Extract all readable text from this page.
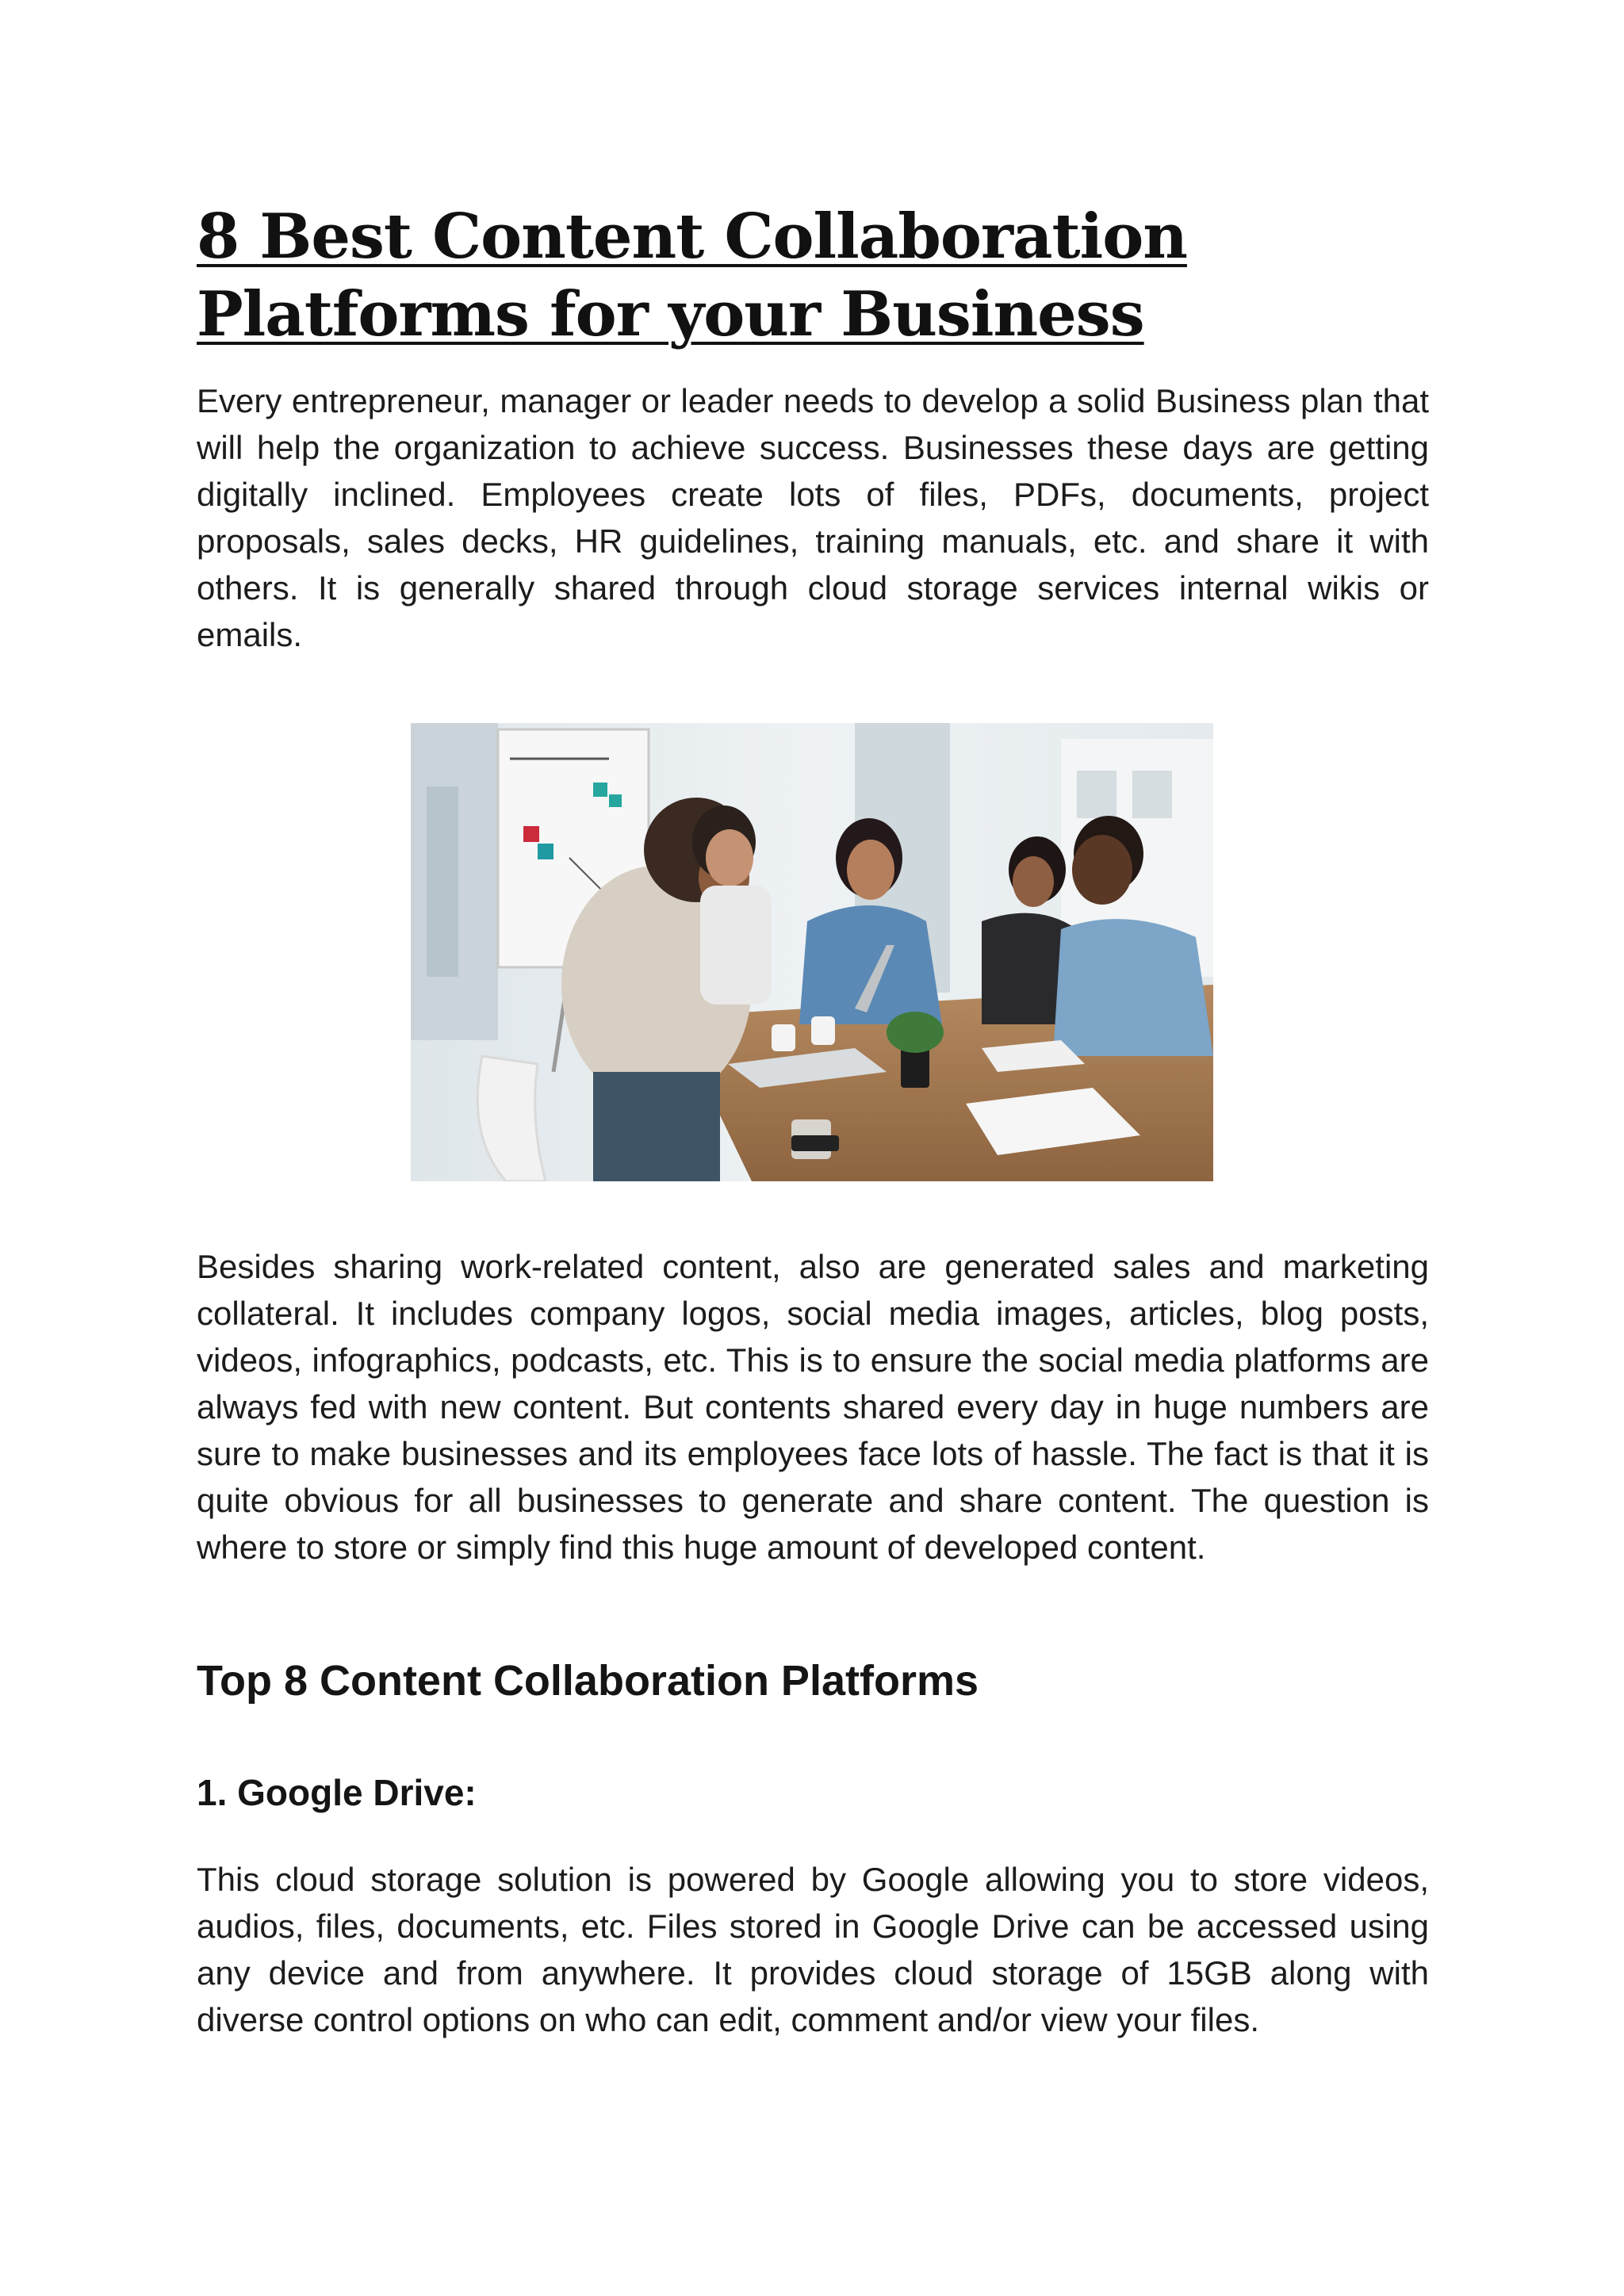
8 Best Content Collaboration Platforms for your Business

Every entrepreneur, manager or leader needs to develop a solid Business plan that will help the organization to achieve success. Businesses these days are getting digitally inclined. Employees create lots of files, PDFs, documents, project proposals, sales decks, HR guidelines, training manuals, etc. and share it with others. It is generally shared through cloud storage services internal wikis or emails.

Besides sharing work-related content, also are generated sales and marketing collateral. It includes company logos, social media images, articles, blog posts, videos, infographics, podcasts, etc. This is to ensure the social media platforms are always fed with new content. But contents shared every day in huge numbers are sure to make businesses and its employees face lots of hassle. The fact is that it is quite obvious for all businesses to generate and share content. The question is where to store or simply find this huge amount of developed content.

Top 8 Content Collaboration Platforms
1. Google Drive:

This cloud storage solution is powered by Google allowing you to store videos, audios, files, documents, etc. Files stored in Google Drive can be accessed using any device and from anywhere. It provides cloud storage of 15GB along with diverse control options on who can edit, comment and/or view your files.
